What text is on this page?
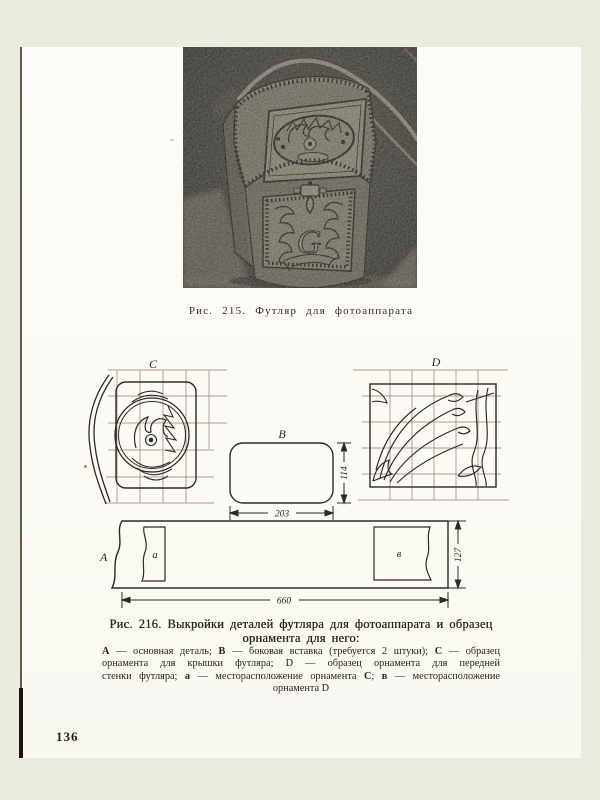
Рис. 215. Футляр для фотоаппарата
C
B
203
114
D
A	a	в
660
127
Рис. 216. Выкройки деталей футляра для фотоаппарата и образец
орнамента для него:
А — основная деталь; В — боковая вставка (требуется 2 штуки); С — образец
орнамента для крышки футляра; D — образец орнамента для передней
стенки футляра; а — месторасположение орнамента С; в — месторасположение
орнамента D
136
